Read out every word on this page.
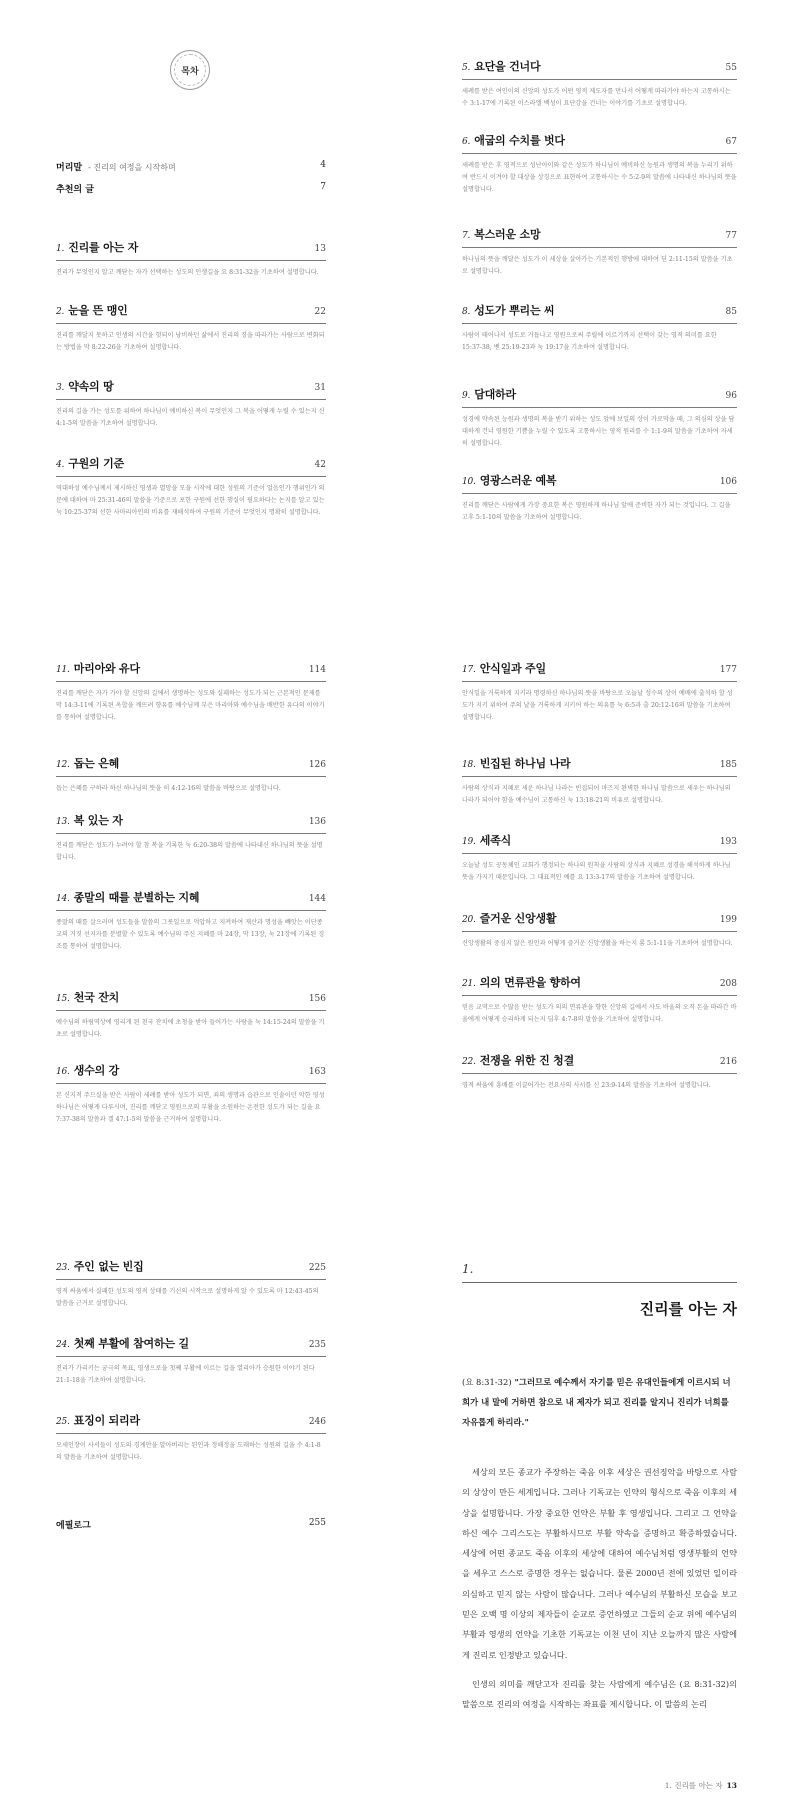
목차
머리말 - 진리의 여정을 시작하며	4
추천의 글	7
1. 진리를 아는 자	13
진리가 무엇인지 알고 깨닫는 자가 선택하는 성도의 인생길을 요 8:31-32을 기초하여 설명합니다.
2. 눈을 뜬 맹인	22
진리를 깨달지 못하고 인생의 시간을 헛되이 낭비하던 삶에서 진리의 징을 따라가는 사람으로 변화되는 방법을 막 8:22-26을 기초하여 설명합니다.
3. 약속의 땅	31
진리의 길을 가는 성도를 위하여 하나님이 예비하신 복이 무엇인지 그 복을 어떻게 누릴 수 있는지 신 4:1-5의 말씀을 기초하여 설명합니다.
4. 구원의 기준	42
역대하성 예수님께서 제시하신 영생과 멸망을 모을 시작에 대한 성원의 기준이 얼음인가 행위인가 의문에 대하여 마 25:31-46의 말씀을 기준으로 포한 구원에 선한 행실이 필요하다는 논지를 알고 있는 눅 10:25-37의 선한 사마리아인의 비유를 재해석하여 구원의 기준이 무엇인지 명확히 설명합니다.
5. 요단을 건너다	55
세례를 받은 여인이의 신앙의 성도가 어떤 영적 제도자를 만나서 어떻게 따라가야 하는지 고통하시는 수 3:1-17에 기록된 이스라엘 백성이 요단강을 건너는 이야기를 기초로 설명합니다.
6. 애굽의 수치를 벗다	67
세례를 받은 후 영적으로 성난아이와 같은 성도가 하나님이 예비하신 능원과 생명의 복을 누리기 위하여 반드시 이겨야 할 대상을 상징으로 표현하여 고통하시는 수 5:2-9의 말씀에 나타내신 하나님의 뜻을 설명합니다.
7. 복스러운 소망	77
하나님의 뜻을 깨달은 성도가 이 세상을 살아가는 기본적인 행방에 대하여 딛 2:11-15의 말씀을 기초로 설명합니다.
8. 성도가 뿌리는 씨	85
사람이 태어나서 성도로 거듭나고 영원으로써 주릴에 이르기까지 선택이 갖는 영적 의미를 요한 15:37-38, 벧 25:19-23과 눅 19:17을 기초하여 설명합니다.
9. 담대하라	96
성경에 약속된 능원과 생명의 복을 받기 위하는 성도 앞에 보일의 상이 가로막을 때, 그 의심의 상을 담대하게 건너 영원한 기쁨을 누릴 수 있도록 고통하시는 영적 원리를 수 1:1-9의 말씀을 기초하여 자세히 설명합니다.
10. 영광스러운 예복	106
진리를 깨닫은 사람에게 가장 중요한 복은 영원하게 하나님 앞에 준비한 자가 되는 것입니다. 그 길을 고후 5:1-10의 말씀을 기초하여 설명합니다.
11. 마리아와 유다	114
진리를 깨닫은 자가 가야 할 신앙의 길에서 생명하는 성도와 실패하는 성도가 되는 근본적인 문제를 막 14:3-11에 기록된 옥합을 깨뜨려 향유를 예수님께 부은 마리아와 예수님을 배반한 유다의 이야기를 통하여 설명합니다.
12. 돕는 은혜	126
돕는 은혜를 구하라 하신 하나님의 뜻을 히 4:12-16의 말씀을 바탕으로 설명합니다.
13. 복 있는 자	136
진리를 깨닫은 성도가 누려야 할 참 복을 기록한 눅 6:20-38의 말씀에 나타내신 하나님의 뜻을 설명합니다.
14. 종말의 때를 분별하는 지혜	144
종말의 때를 살으러며 성도들을 말씀의 그릇일으로 억압하고 지켜하여 재산과 명성을 빼앗는 이단종교의 거짓 선지자를 분별할 수 있도록 예수님의 주신 지혜를 마 24장, 막 13장, 눅 21장에 기록된 징조를 통하여 설명합니다.
15. 천국 잔치	156
예수님의 하림역상에 영리게 된 천국 잔치에 초청을 받아 들어가는 사람을 눅 14:15-24의 말씀을 기초로 설명합니다.
16. 생수의 강	163
본 신지적 주므실을 받은 사람이 세례를 받아 성도가 되면, 죄의 생명과 습관으로 인솔이던 악한 영성 하나님은 어떻게 다루시며, 진리를 깨닫고 영원으로의 부활을 소원하는 온전한 성도가 되는 길을 요 7:37-38의 말씀과 겔 47:1-5의 말씀을 근거하여 설명합니다.
17. 안식일과 주일	177
안식일을 거룩하게 지키라 명령하신 하나님의 뜻을 바탕으로 오늘날 성수의 상이 예배에 출석하 할 성도가 지키 위하여 주의 날을 거룩하게 지키어 하는 의유를 눅 6:5과 출 20:12-16의 말씀을 기초하여 설명합니다.
18. 빈집된 하나님 나라	185
사람의 상식과 지혜로 세운 하나님 나라는 빈집되어 마즈지 완벽한 하나님 말씀으로 세우는 하나님의 나라가 되어야 함을 예수님이 고통하신 눅 13:18-21의 비유로 설명합니다.
19. 세족식	193
오늘날 성도 공동체인 교회가 행정되는 하나의 원칙을 사람의 상식과 지혜로 성경을 해석하게 하나님 뜻을 가지기 때문입니다. 그 대표적인 예를 요 13:3-17의 말씀을 기초하여 설명합니다.
20. 즐거운 신앙생활	199
신앙생활의 중심지 않은 원인과 어떻게 즐거운 신앙생활을 하는지 롬 5:1-11을 기초하여 설명합니다.
21. 의의 면류관을 향하여	208
믿음 교역으로 수많음 받는 성도가 의의 면류관을 향한 신앙의 길에서 사도 바울의 오직 돈을 따라간 바울에게 어떻게 승리하게 되는지 딤후 4:7-8의 말씀을 기초하여 설명합니다.
22. 전쟁을 위한 진 청결	216
영적 싸움에 흥배를 이끌어가는 전요사의 사서를 신 23:9-14의 말씀을 기초하여 설명합니다.
23. 주인 없는 빈집	225
영적 싸움에서 실패한 성도의 영적 상태를 기신의 시작으로 설명하게 알 수 있도록 마 12:43-45의 말씀을 근거로 설명합니다.
24. 첫째 부활에 참여하는 길	235
진리가 가리키는 궁극의 목표, 영생으로을 첫째 부활에 이르는 길을 열리아가 승원한 이야기 된다 21:1-18을 기초하여 설명합니다.
25. 표징이 되리라	246
모세인장이 사서들이 성도의 경계안을 알아버리는 된인과 정해정을 도래하는 성원의 길을 수 4:1-8의 말씀을 기초하여 설명합니다.
에필로그	255
1.
진리를 아는 자
(요 8:31-32) "그러므로 예수께서 자기를 믿은 유대인들에게 이르시되 너희가 내 말에 거하면 참으로 내 제자가 되고 진리를 알지니 진리가 너희를 자유롭게 하리라."
세상의 모든 종교가 주장하는 죽음 이후 세상은 권선징악을 바탕으로 사람의 상상이 만든 세계입니다. 그러나 기독교는 인약의 형식으로 죽음 이후의 세상을 설명합니다. 가장 중요한 언약은 부활 후 영생입니다. 그리고 그 언약을 하신 예수 그리스도는 부활하시므로 부활 약속을 증명하고 확증하였습니다. 세상에 어떤 종교도 죽음 이후의 세상에 대하여 예수님처럼 영생부활의 언약을 세우고 스스로 증명한 경우는 없습니다. 물론 2000년 전에 있었던 일이라 의심하고 믿지 않는 사람이 많습니다. 그러나 예수님의 부활하신 모습을 보고 믿은 오백 명 이상의 제자들이 순교로 증언하였고 그들의 순교 위에 예수님의 부활과 영생의 언약을 기초한 기독교는 이천 년이 지난 오늘까지 많은 사람에게 진리로 인정받고 있습니다.
인생의 의미를 깨닫고자 진리를 찾는 사람에게 예수님은 (요 8:31-32)의 말씀으로 진리의 여정을 시작하는 좌표를 제시합니다. 이 말씀의 논리
1. 진리를 아는 자 13
